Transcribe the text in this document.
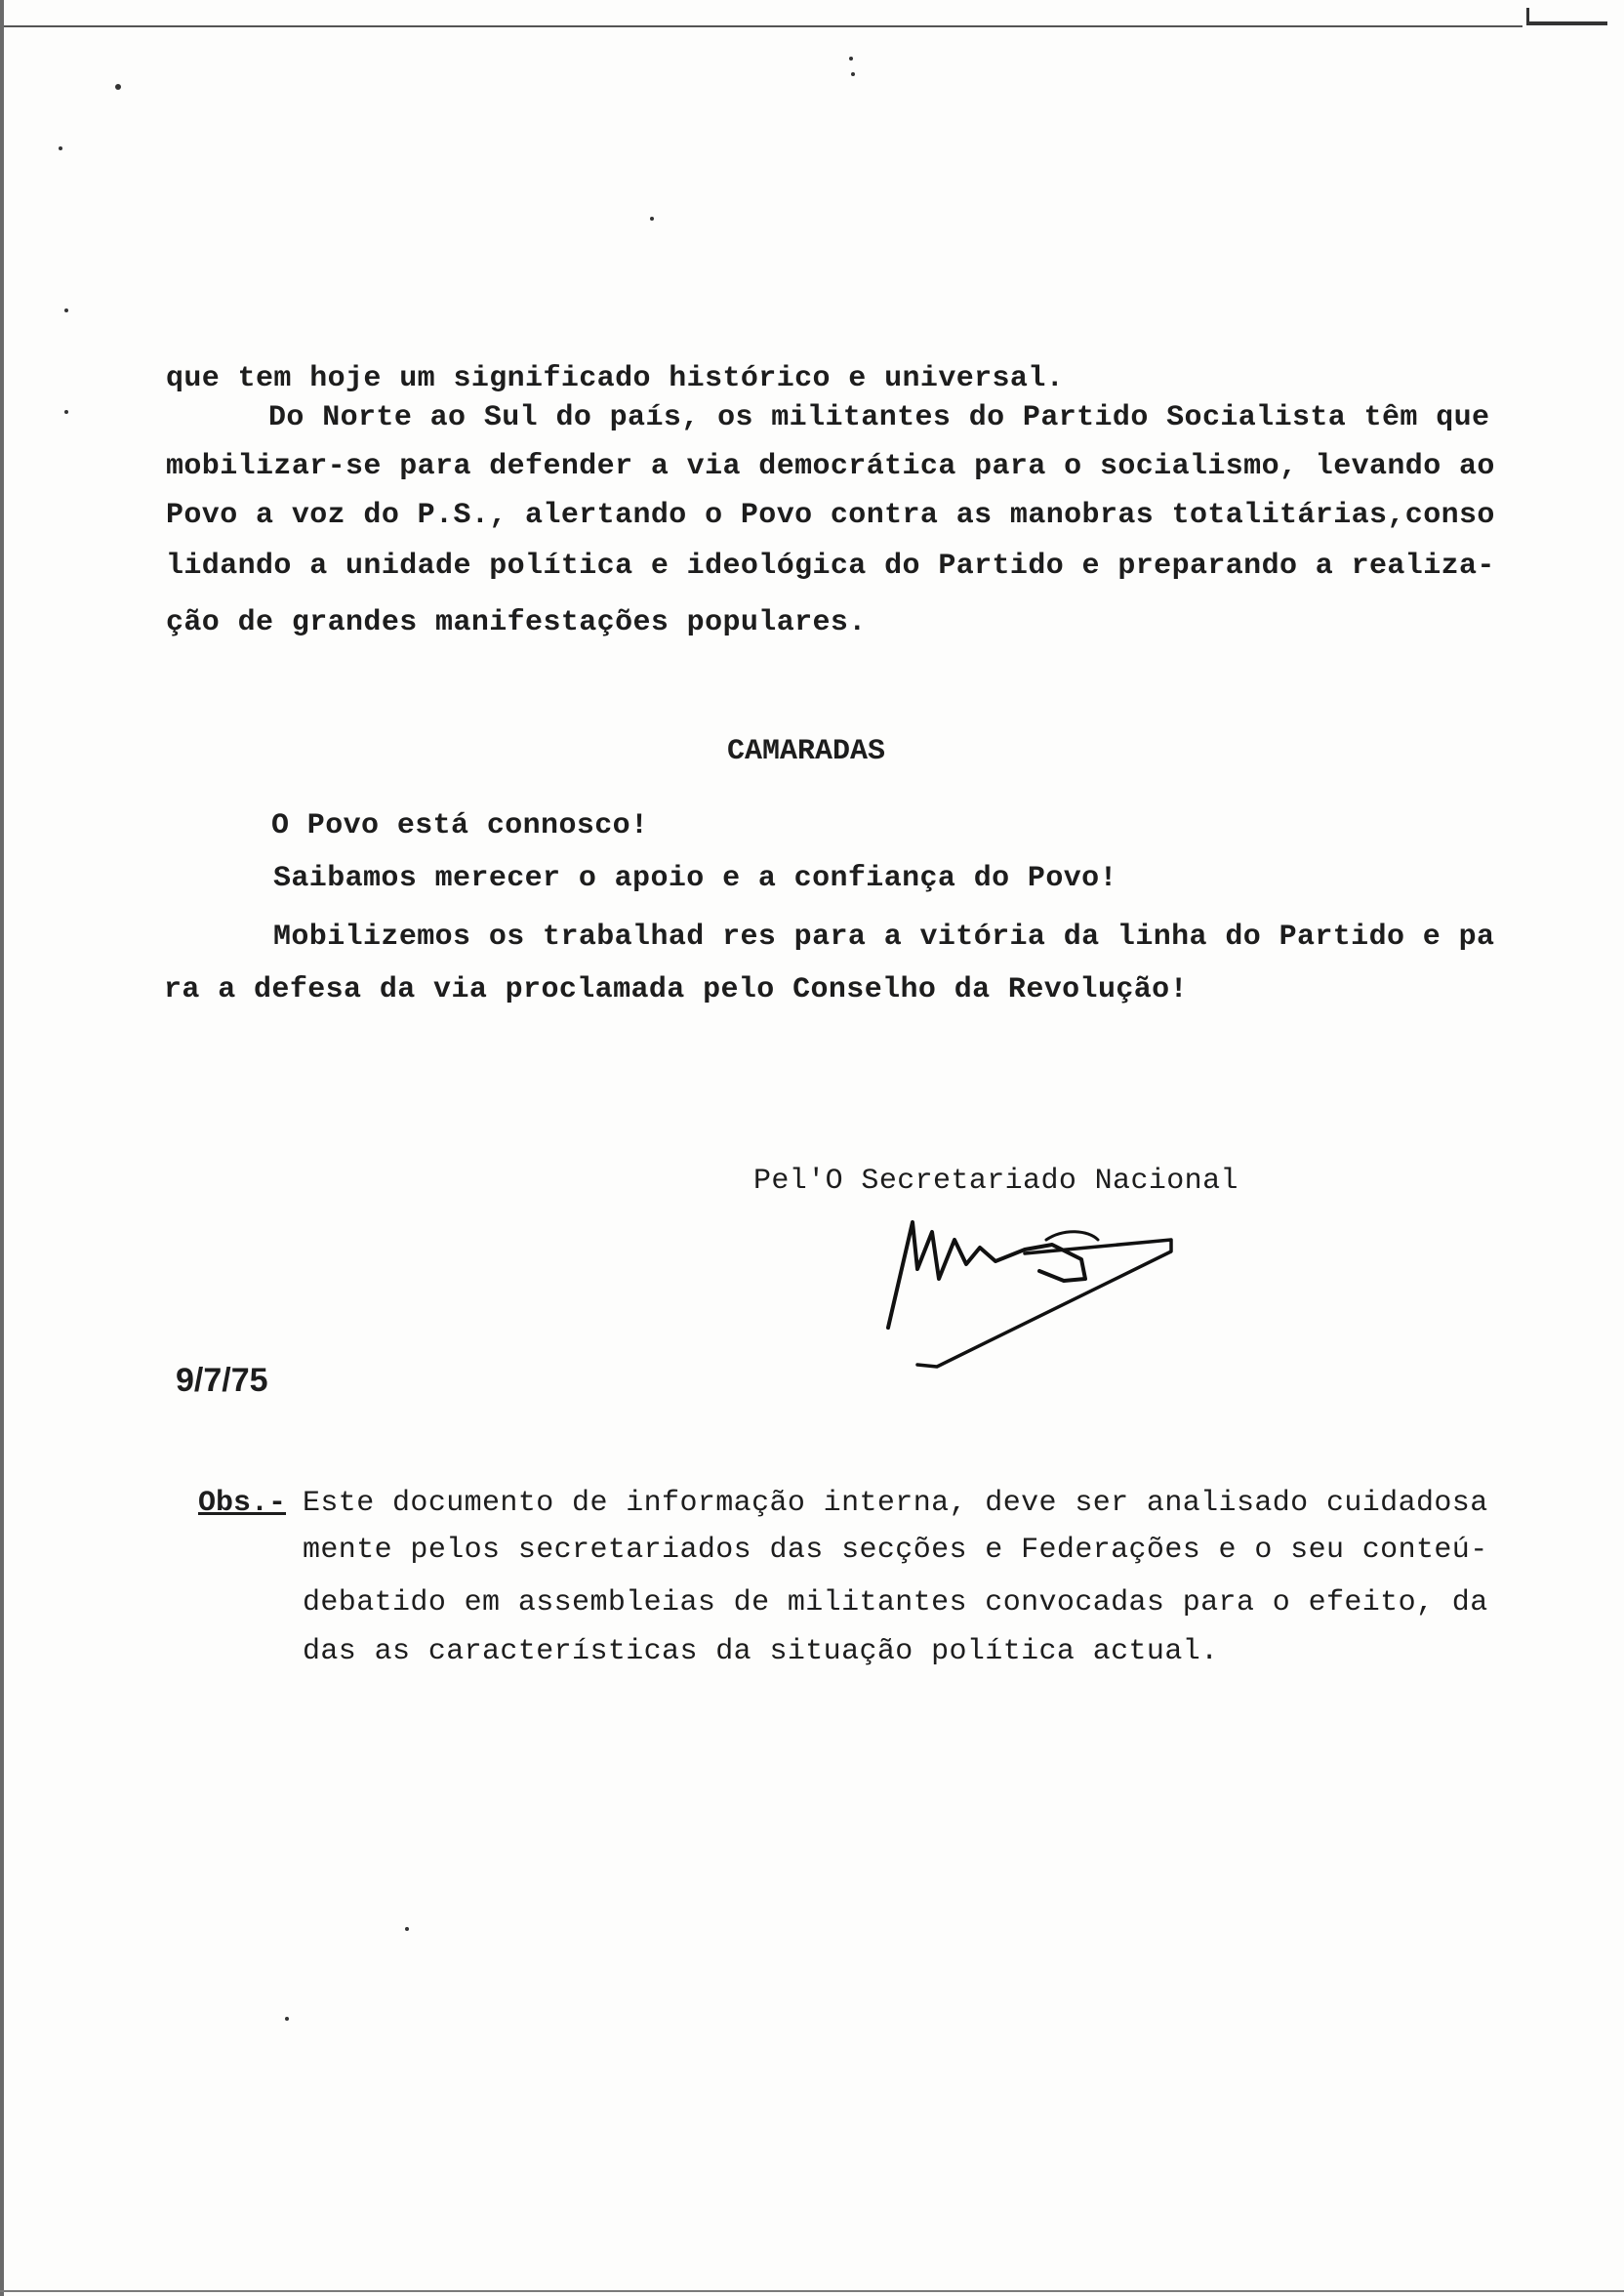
que tem hoje um significado histórico e universal.
Do Norte ao Sul do país, os militantes do Partido Socialista têm que
mobilizar-se para defender a via democrática para o socialismo, levando ao
Povo a voz do P.S., alertando o Povo contra as manobras totalitárias,conso
lidando a unidade política e ideológica do Partido e preparando a realiza-
ção de grandes manifestações populares.
CAMARADAS
O Povo está connosco!
Saibamos merecer o apoio e a confiança do Povo!
Mobilizemos os trabalhad res para a vitória da linha do Partido e pa
ra a defesa da via proclamada pelo Conselho da Revolução!
Pel'O Secretariado Nacional
9/7/75
Obs.- Este documento de informação interna, deve ser analisado cuidadosa
mente pelos secretariados das secções e Federações e o seu conteú-
debatido em assembleias de militantes convocadas para o efeito, da
das as características da situação política actual.
